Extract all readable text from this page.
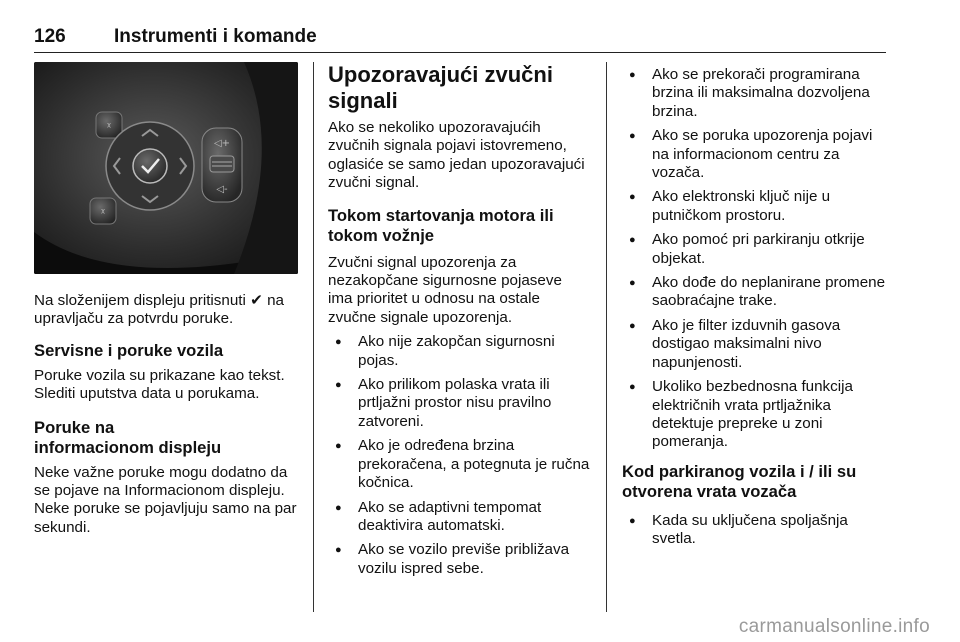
126	Instrumenti i komande
ᵡ
ᵡ
◁+
◁-

Na složenijem displeju pritisnuti ✔ na upravljaču za potvrdu poruke.

Servisne i poruke vozila

Poruke vozila su prikazane kao tekst. Slediti uputstva data u porukama.

Poruke na
informacionom displeju

Neke važne poruke mogu dodatno da se pojave na Informacionom displeju. Neke poruke se pojavljuju samo na par sekundi.

Upozoravajući zvučni signali

Ako se nekoliko upozoravajućih zvučnih signala pojavi istovremeno, oglasiće se samo jedan upozoravajući zvučni signal.

Tokom startovanja motora ili tokom vožnje

Zvučni signal upozorenja za nezakopčane sigurnosne pojaseve ima prioritet u odnosu na ostale zvučne signale upozorenja.

● Ako nije zakopčan sigurnosni pojas.
● Ako prilikom polaska vrata ili prtljažni prostor nisu pravilno zatvoreni.
● Ako je određena brzina prekoračena, a potegnuta je ručna kočnica.
● Ako se adaptivni tempomat deaktivira automatski.
● Ako se vozilo previše približava vozilu ispred sebe.
● Ako se prekorači programirana brzina ili maksimalna dozvoljena brzina.
● Ako se poruka upozorenja pojavi na informacionom centru za vozača.
● Ako elektronski ključ nije u putničkom prostoru.
● Ako pomoć pri parkiranju otkrije objekat.
● Ako dođe do neplanirane promene saobraćajne trake.
● Ako je filter izduvnih gasova dostigao maksimalni nivo napunjenosti.
● Ukoliko bezbednosna funkcija električnih vrata prtljažnika detektuje prepreke u zoni pomeranja.
Kod parkiranog vozila i / ili su otvorena vrata vozača
● Kada su uključena spoljašnja svetla.
carmanualsonline.info
